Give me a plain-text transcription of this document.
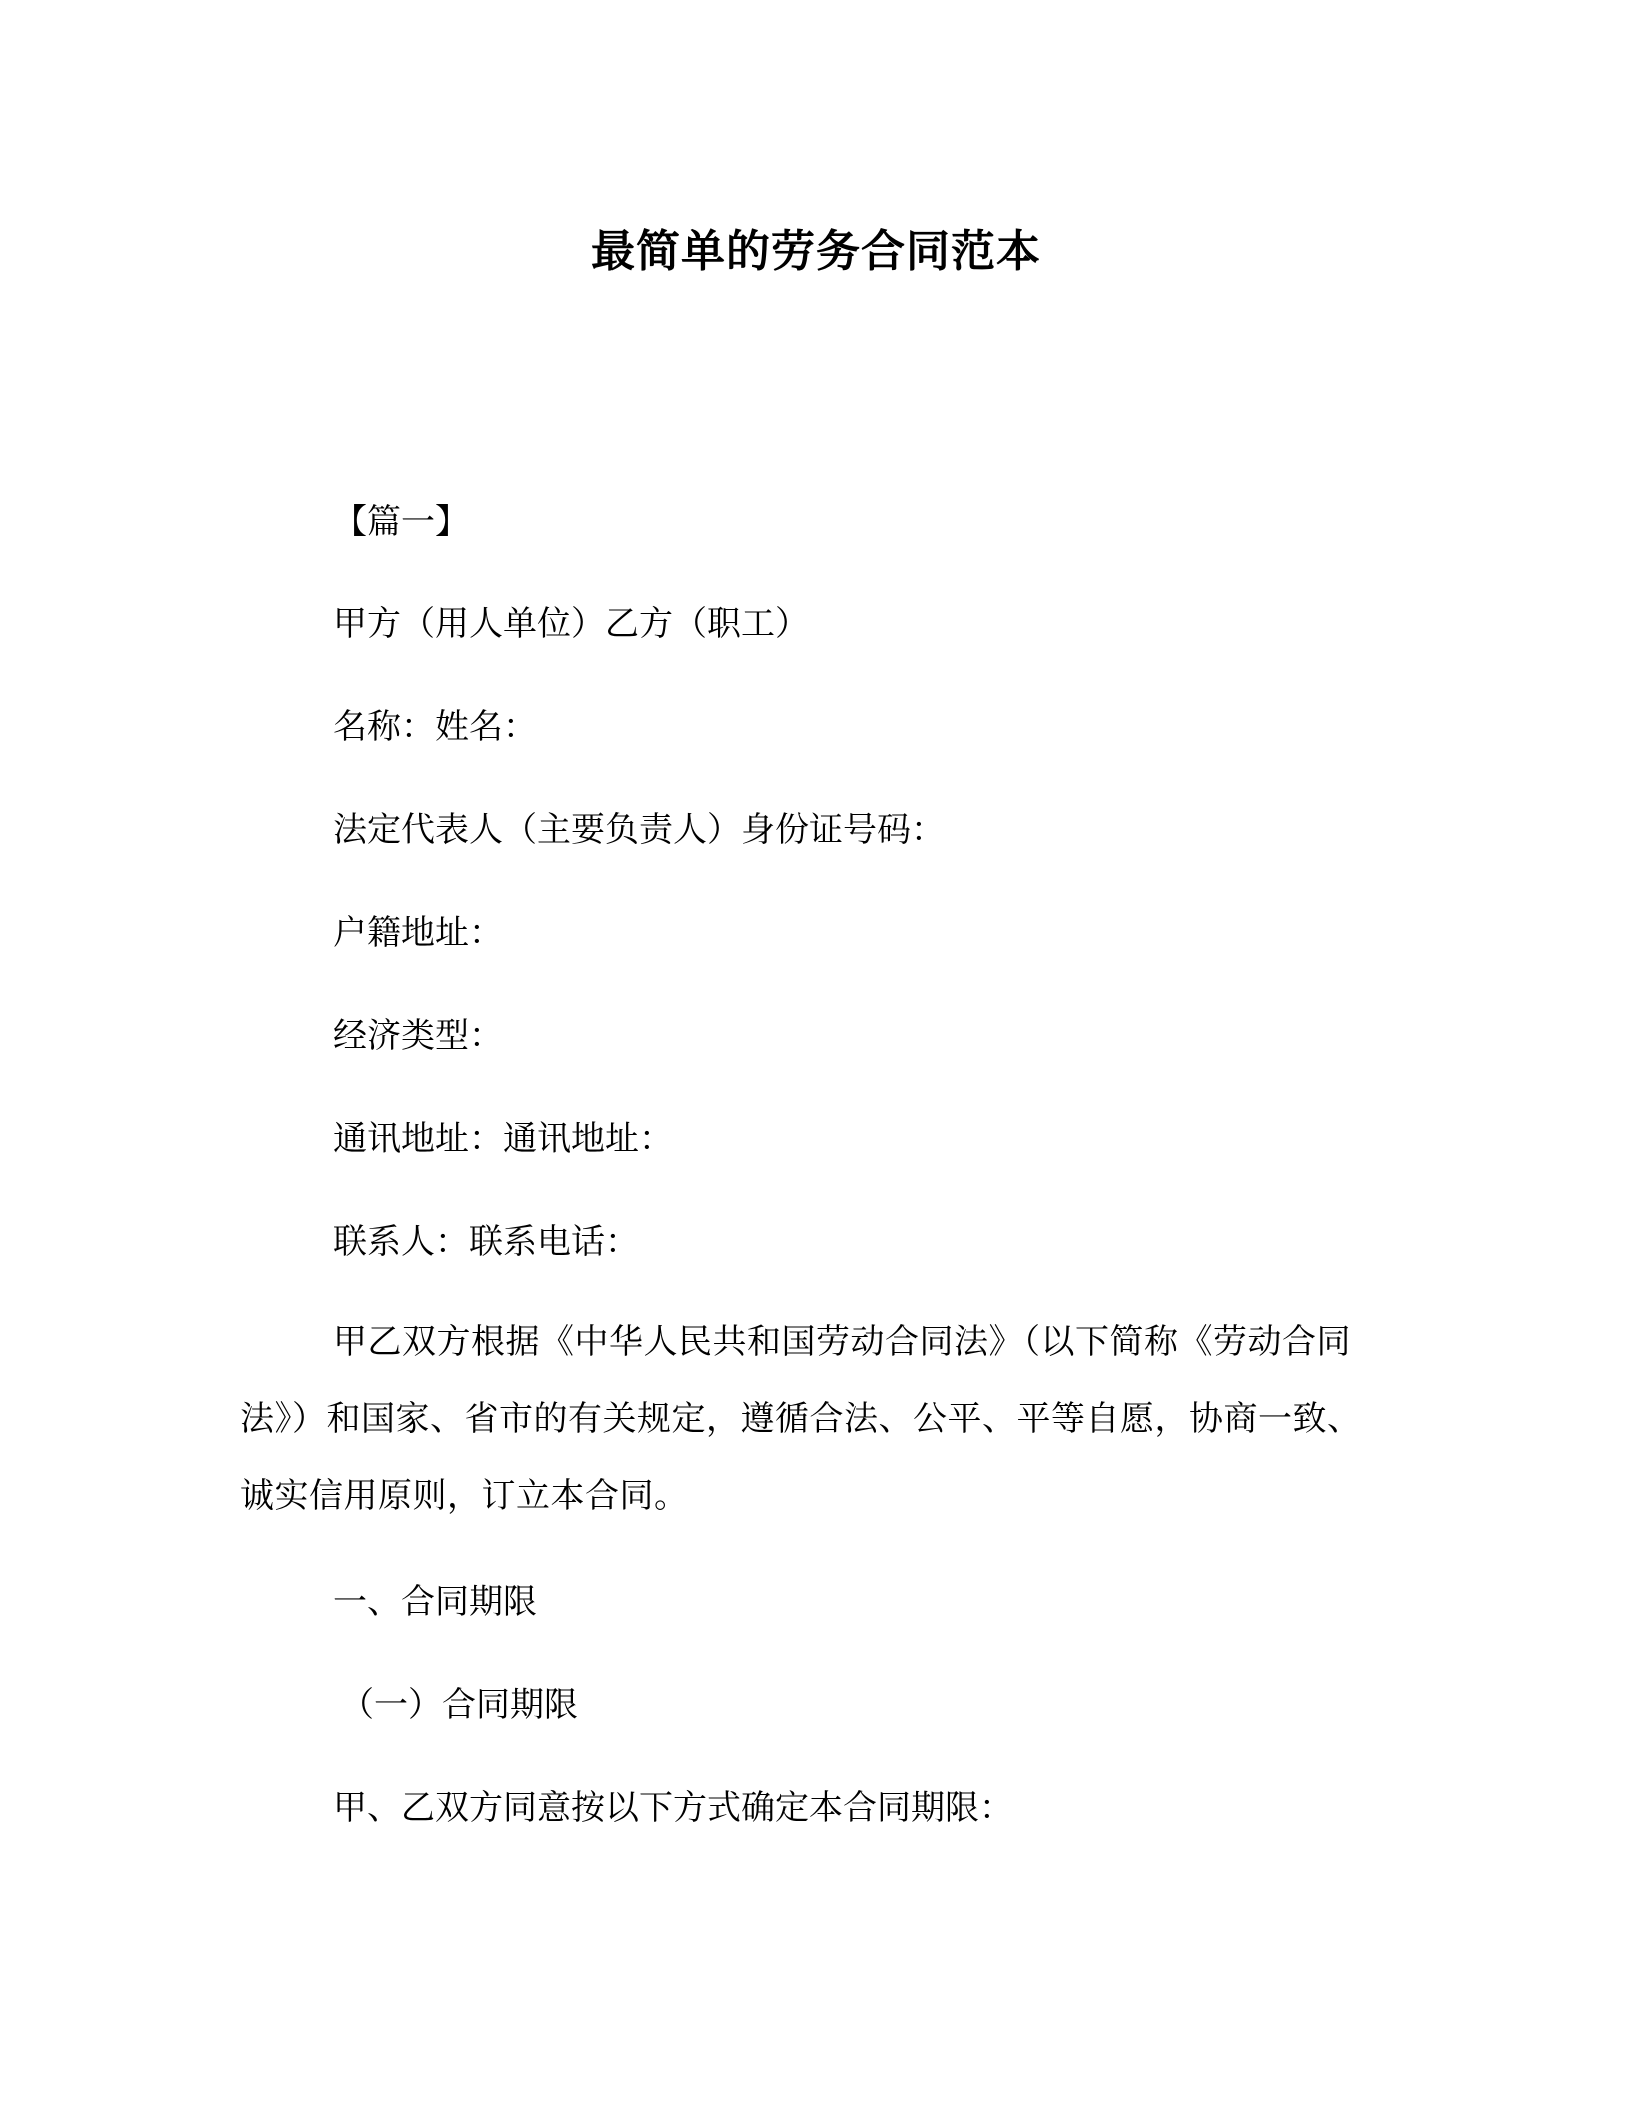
最简单的劳务合同范本
【篇一】
甲方（用人单位）乙方（职工）
名称：姓名：
法定代表人（主要负责人）身份证号码：
户籍地址：
经济类型：
通讯地址：通讯地址：
联系人：联系电话：
甲乙双方根据《中华人民共和国劳动合同法》（以下简称《劳动合同法》）和国家、省市的有关规定，遵循合法、公平、平等自愿，协商一致、诚实信用原则，订立本合同。
一、合同期限
（一）合同期限
甲、乙双方同意按以下方式确定本合同期限：
